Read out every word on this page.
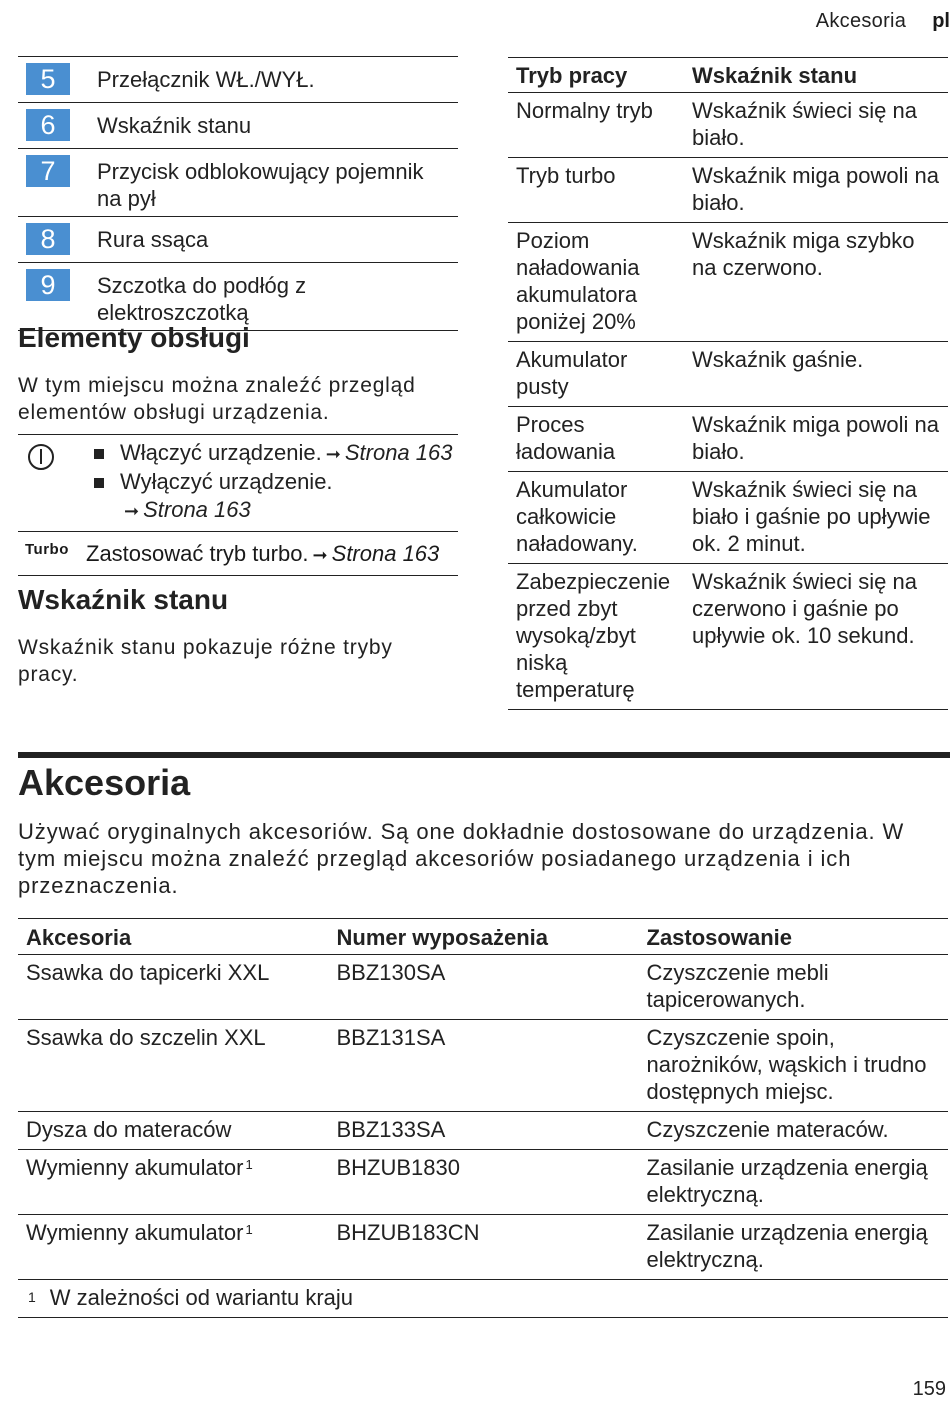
Akcesoria pl
5	Przełącznik WŁ./WYŁ.
6	Wskaźnik stanu
7	Przycisk odblokowujący pojemnik na pył
8	Rura ssąca
9	Szczotka do podłóg z elektroszczotką
Elementy obsługi

W tym miejscu można znaleźć przegląd elementów obsługi urządzenia.

Włączyć urządzenie. ➞ Strona 163
Wyłączyć urządzenie.
➞ Strona 163
Turbo Zastosować tryb turbo. ➞ Strona 163
Wskaźnik stanu

Wskaźnik stanu pokazuje różne tryby pracy.

Tryb pracy	Wskaźnik stanu
Normalny tryb	Wskaźnik świeci się na biało.
Tryb turbo	Wskaźnik miga powoli na biało.
Poziom naładowania akumulatora poniżej 20%	Wskaźnik miga szybko na czerwono.
Akumulator pusty	Wskaźnik gaśnie.
Proces ładowania	Wskaźnik miga powoli na biało.
Akumulator całkowicie naładowany.	Wskaźnik świeci się na biało i gaśnie po upływie ok. 2 minut.
Zabezpieczenie przed zbyt wysoką/zbyt niską temperaturę	Wskaźnik świeci się na czerwono i gaśnie po upływie ok. 10 sekund.
Akcesoria

Używać oryginalnych akcesoriów. Są one dokładnie dostosowane do urządzenia. W tym miejscu można znaleźć przegląd akcesoriów posiadanego urządzenia i ich przeznaczenia.

Akcesoria	Numer wyposażenia	Zastosowanie
Ssawka do tapicerki XXL	BBZ130SA	Czyszczenie mebli tapicerowanych.
Ssawka do szczelin XXL	BBZ131SA	Czyszczenie spoin, narożników, wąskich i trudno dostępnych miejsc.
Dysza do materaców	BBZ133SA	Czyszczenie materaców.
Wymienny akumulator $^1$	BHZUB1830	Zasilanie urządzenia energią elektryczną.
Wymienny akumulator $^1$	BHZUB183CN	Zasilanie urządzenia energią elektryczną.
$^1$ W zależności od wariantu kraju		
159
